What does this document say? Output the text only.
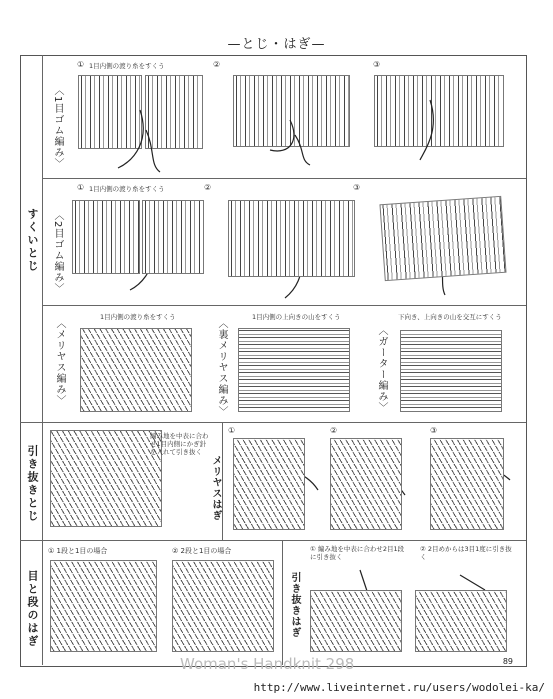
—とじ・はぎ—
すくいとじ
引き抜きとじ
目と段のはぎ
〈1目ゴム編み〉
① 1目内側の渡り糸をすくう	②	③
〈2目ゴム編み〉
① 1目内側の渡り糸をすくう	②	③
〈メリヤス編み〉
1目内側の渡り糸をすくう
〈裏メリヤス編み〉
1目内側の上向きの山をすくう
〈ガーター編み〉
下向き、上向きの山を交互にすくう
編み地を中表に合わせ1目内側にかぎ針を入れて引き抜く
①	②	③
メリヤスはぎ
① 1段と1目の場合	② 2段と1目の場合
引き抜きはぎ
① 編み地を中表に合わせ2目1段に引き抜く
② 2目めからは3目1度に引き抜く
Woman's Handknit 298	89
http://www.liveinternet.ru/users/wodolei-ka/
